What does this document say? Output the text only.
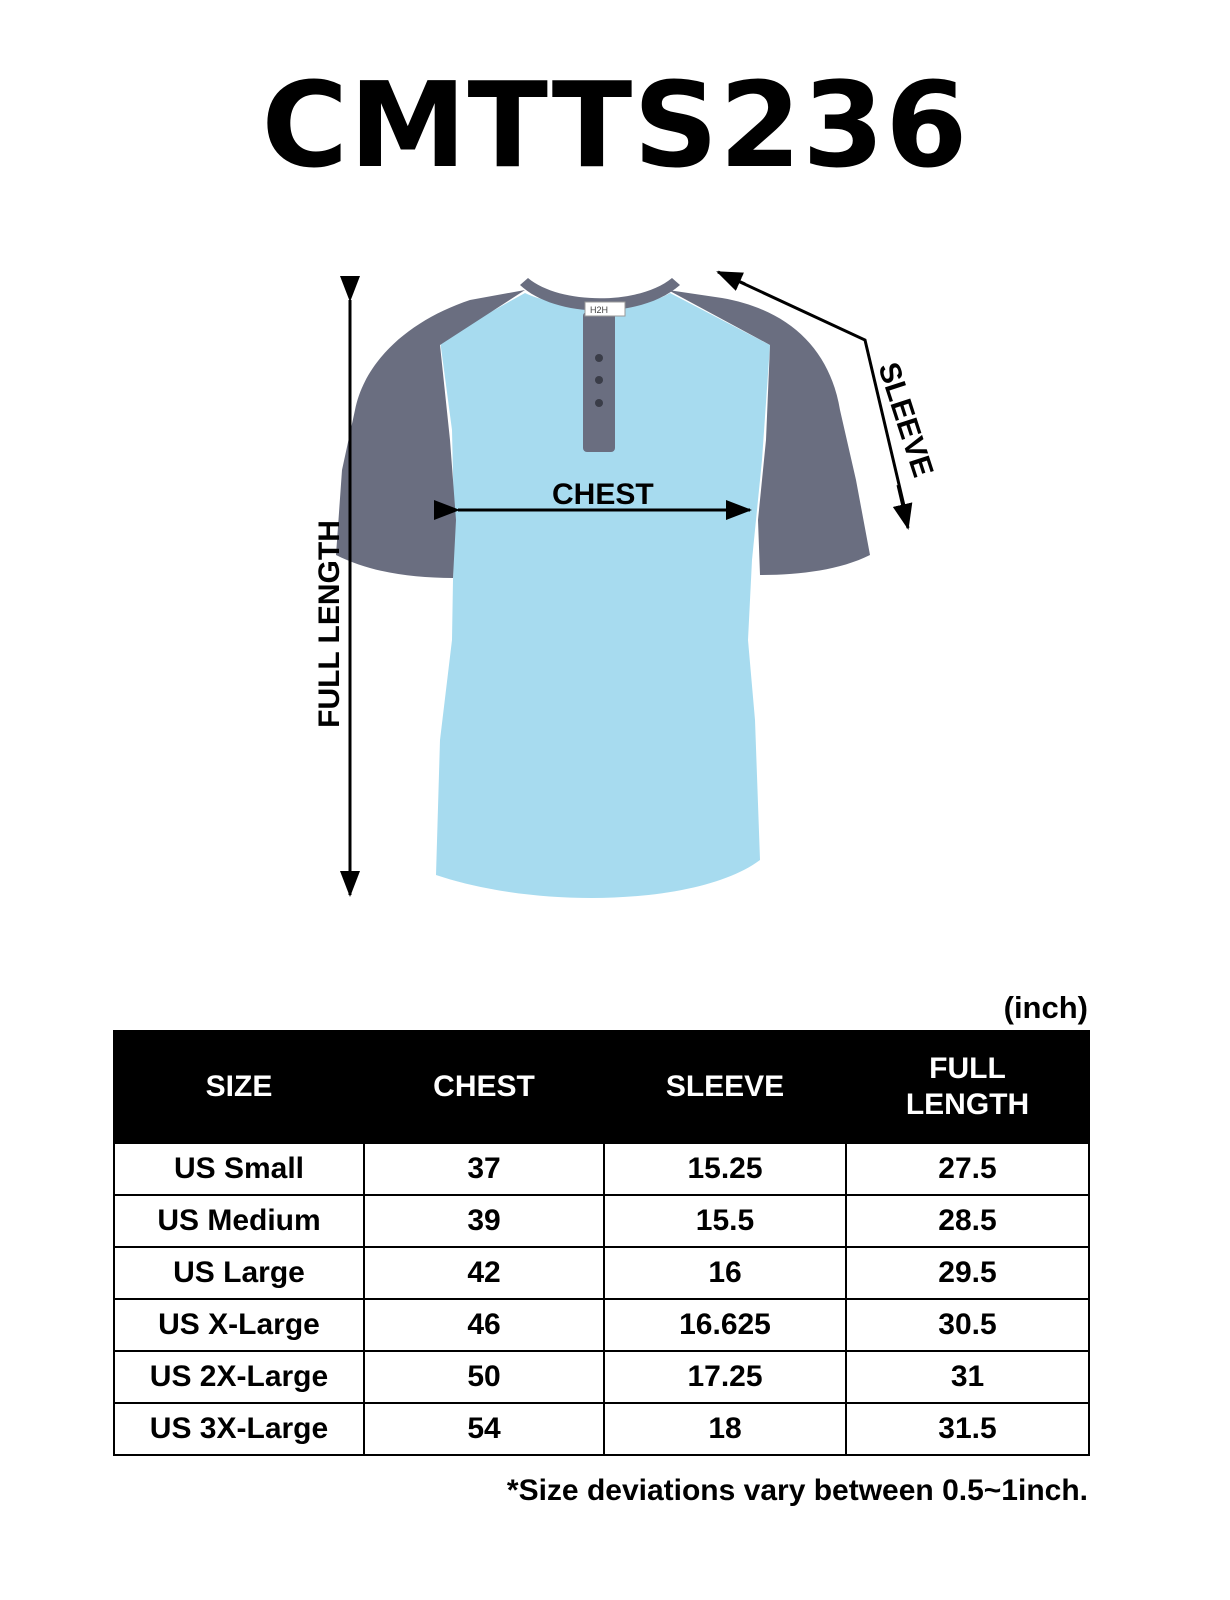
CMTTS236
H2H
CHEST
FULL LENGTH
SLEEVE
(inch)
SIZE	CHEST	SLEEVE	FULL
LENGTH
US Small	37	15.25	27.5
US Medium	39	15.5	28.5
US Large	42	16	29.5
US X-Large	46	16.625	30.5
US 2X-Large	50	17.25	31
US 3X-Large	54	18	31.5
*Size deviations vary between 0.5~1inch.
